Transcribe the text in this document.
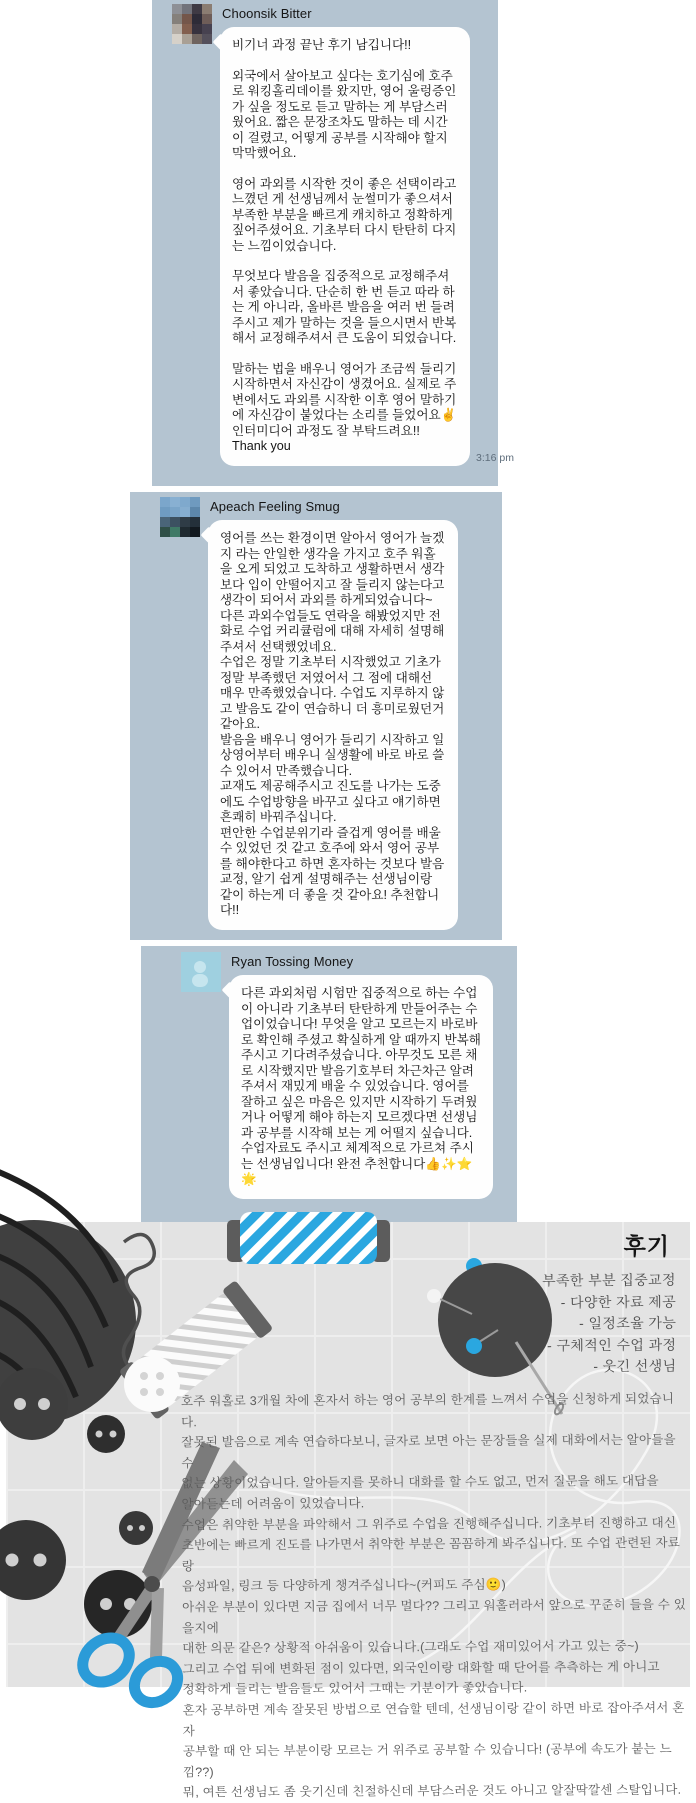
Choonsik Bitter
비기너 과정 끝난 후기 남깁니다!!
외국에서 살아보고 싶다는 호기심에 호주로 워킹홀리데이를 왔지만, 영어 울렁증인가 싶을 정도로 듣고 말하는 게 부담스러웠어요. 짧은 문장조차도 말하는 데 시간이 걸렸고, 어떻게 공부를 시작해야 할지 막막했어요.
영어 과외를 시작한 것이 좋은 선택이라고 느꼈던 게 선생님께서 눈썰미가 좋으셔서 부족한 부분을 빠르게 캐치하고 정확하게 짚어주셨어요. 기초부터 다시 탄탄히 다지는 느낌이었습니다.
무엇보다 발음을 집중적으로 교정해주셔서 좋았습니다. 단순히 한 번 듣고 따라 하는 게 아니라, 올바른 발음을 여러 번 들려주시고 제가 말하는 것을 들으시면서 반복해서 교정해주셔서 큰 도움이 되었습니다.
말하는 법을 배우니 영어가 조금씩 들리기 시작하면서 자신감이 생겼어요. 실제로 주변에서도 과외를 시작한 이후 영어 말하기에 자신감이 붙었다는 소리를 들었어요✌️ 인터미디어 과정도 잘 부탁드려요!! Thank you
3:16 pm
Apeach Feeling Smug
영어를 쓰는 환경이면 알아서 영어가 늘겠지 라는 안일한 생각을 가지고 호주 워홀을 오게 되었고 도착하고 생활하면서 생각보다 입이 안떨어지고 잘 들리지 않는다고 생각이 되어서 과외를 하게되었습니다~ 다른 과외수업들도 연락을 해봤었지만 전화로 수업 커리큘럼에 대해 자세히 설명해주셔서 선택했었네요.
수업은 정말 기초부터 시작했었고 기초가 정말 부족했던 저였어서 그 점에 대해선 매우 만족했었습니다. 수업도 지루하지 않고 발음도 같이 연습하니 더 흥미로웠던거 같아요.
발음을 배우니 영어가 들리기 시작하고 일상영어부터 배우니 실생활에 바로 바로 쓸 수 있어서 만족했습니다.
교재도 제공해주시고 진도를 나가는 도중에도 수업방향을 바꾸고 싶다고 얘기하면 흔쾌히 바꿔주십니다.
편안한 수업분위기라 즐겁게 영어를 배울 수 있었던 것 같고 호주에 와서 영어 공부를 해야한다고 하면 혼자하는 것보다 발음 교정, 알기 쉽게 설명해주는 선생님이랑 같이 하는게 더 좋을 것 같아요! 추천합니다!!
Ryan Tossing Money
다른 과외처럼 시험만 집중적으로 하는 수업이 아니라 기초부터 탄탄하게 만들어주는 수업이었습니다! 무엇을 알고 모르는지 바로바로 확인해 주셨고 확실하게 알 때까지 반복해 주시고 기다려주셨습니다. 아무것도 모른 채로 시작했지만 발음기호부터 차근차근 알려주셔서 재밌게 배울 수 있었습니다. 영어를 잘하고 싶은 마음은 있지만 시작하기 두려웠거나 어떻게 해야 하는지 모르겠다면 선생님과 공부를 시작해 보는 게 어떨지 싶습니다. 수업자료도 주시고 체계적으로 가르쳐 주시는 선생님입니다! 완전 추천합니다👍✨⭐🌟
후기
- 부족한 부분 집중교정
- 다양한 자료 제공
- 일정조율 가능
- 구체적인 수업 과정
- 웃긴 선생님
호주 워홀로 3개월 차에 혼자서 하는 영어 공부의 한계를 느껴서 수업을 신청하게 되었습니다.
잘못된 발음으로 계속 연습하다보니, 글자로 보면 아는 문장들을 실제 대화에서는 알아들을 수
없는 상황이었습니다. 알아듣지를 못하니 대화를 할 수도 없고, 먼저 질문을 해도 대답을
알아듣는데 어려움이 있었습니다.
수업은 취약한 부분을 파악해서 그 위주로 수업을 진행해주십니다. 기초부터 진행하고 대신
초반에는 빠르게 진도를 나가면서 취약한 부분은 꼼꼼하게 봐주십니다. 또 수업 관련된 자료랑
음성파일, 링크 등 다양하게 챙겨주십니다~(커피도 주심🙂)
아쉬운 부분이 있다면 지금 집에서 너무 멀다?? 그리고 워홀러라서 앞으로 꾸준히 들을 수 있을지에
대한 의문 같은? 상황적 아쉬움이 있습니다.(그래도 수업 재미있어서 가고 있는 중~)
그리고 수업 뒤에 변화된 점이 있다면, 외국인이랑 대화할 때 단어를 추측하는 게 아니고
정확하게 들리는 발음들도 있어서 그때는 기분이가 좋았습니다.
혼자 공부하면 계속 잘못된 방법으로 연습할 텐데, 선생님이랑 같이 하면 바로 잡아주셔서 혼자
공부할 때 안 되는 부분이랑 모르는 거 위주로 공부할 수 있습니다! (공부에 속도가 붙는 느낌??)
뭐, 여튼 선생님도 좀 웃기신데 친절하신데 부담스러운 것도 아니고 알잘딱깔센 스탈입니다.
